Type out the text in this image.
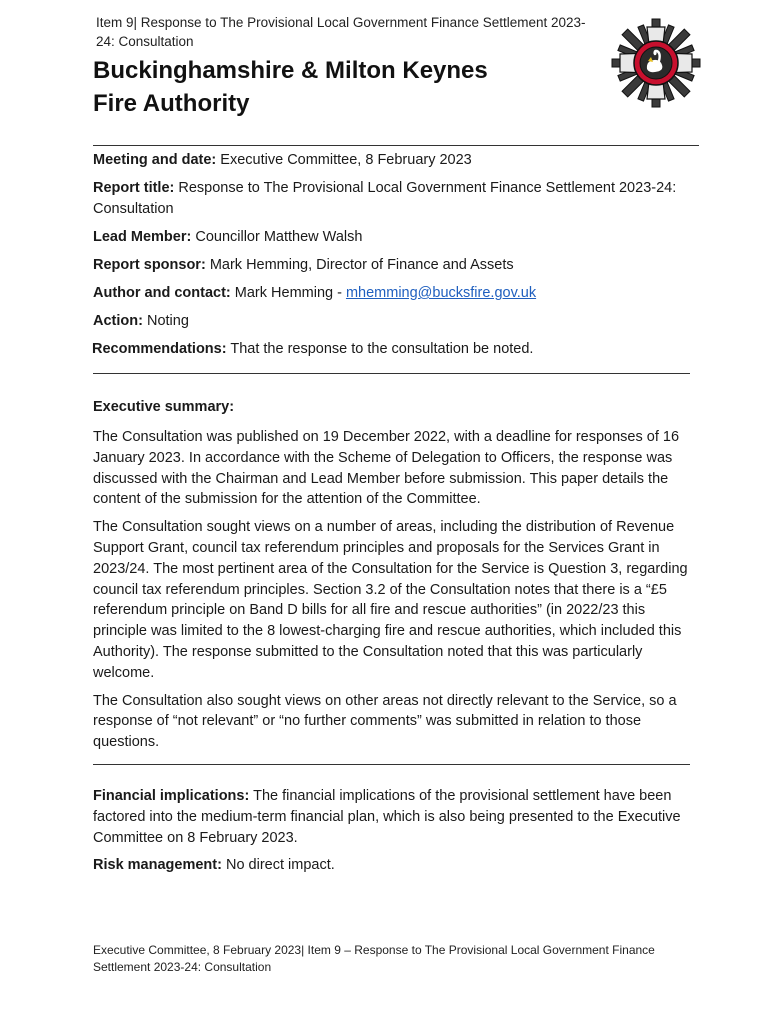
Item 9| Response to The Provisional Local Government Finance Settlement 2023-24: Consultation
Buckinghamshire & Milton Keynes
Fire Authority
Meeting and date: Executive Committee, 8 February 2023
Report title: Response to The Provisional Local Government Finance Settlement 2023-24: Consultation
Lead Member: Councillor Matthew Walsh
Report sponsor: Mark Hemming, Director of Finance and Assets
Author and contact: Mark Hemming - mhemming@bucksfire.gov.uk
Action: Noting
Recommendations: That the response to the consultation be noted.
Executive summary:

The Consultation was published on 19 December 2022, with a deadline for responses of 16 January 2023. In accordance with the Scheme of Delegation to Officers, the response was discussed with the Chairman and Lead Member before submission. This paper details the content of the submission for the attention of the Committee.

The Consultation sought views on a number of areas, including the distribution of Revenue Support Grant, council tax referendum principles and proposals for the Services Grant in 2023/24. The most pertinent area of the Consultation for the Service is Question 3, regarding council tax referendum principles. Section 3.2 of the Consultation notes that there is a “£5 referendum principle on Band D bills for all fire and rescue authorities” (in 2022/23 this principle was limited to the 8 lowest-charging fire and rescue authorities, which included this Authority). The response submitted to the Consultation noted that this was particularly welcome.

The Consultation also sought views on other areas not directly relevant to the Service, so a response of “not relevant” or “no further comments” was submitted in relation to those questions.

Financial implications: The financial implications of the provisional settlement have been factored into the medium-term financial plan, which is also being presented to the Executive Committee on 8 February 2023.

Risk management: No direct impact.

Executive Committee, 8 February 2023| Item 9 – Response to The Provisional Local Government Finance Settlement 2023-24: Consultation
